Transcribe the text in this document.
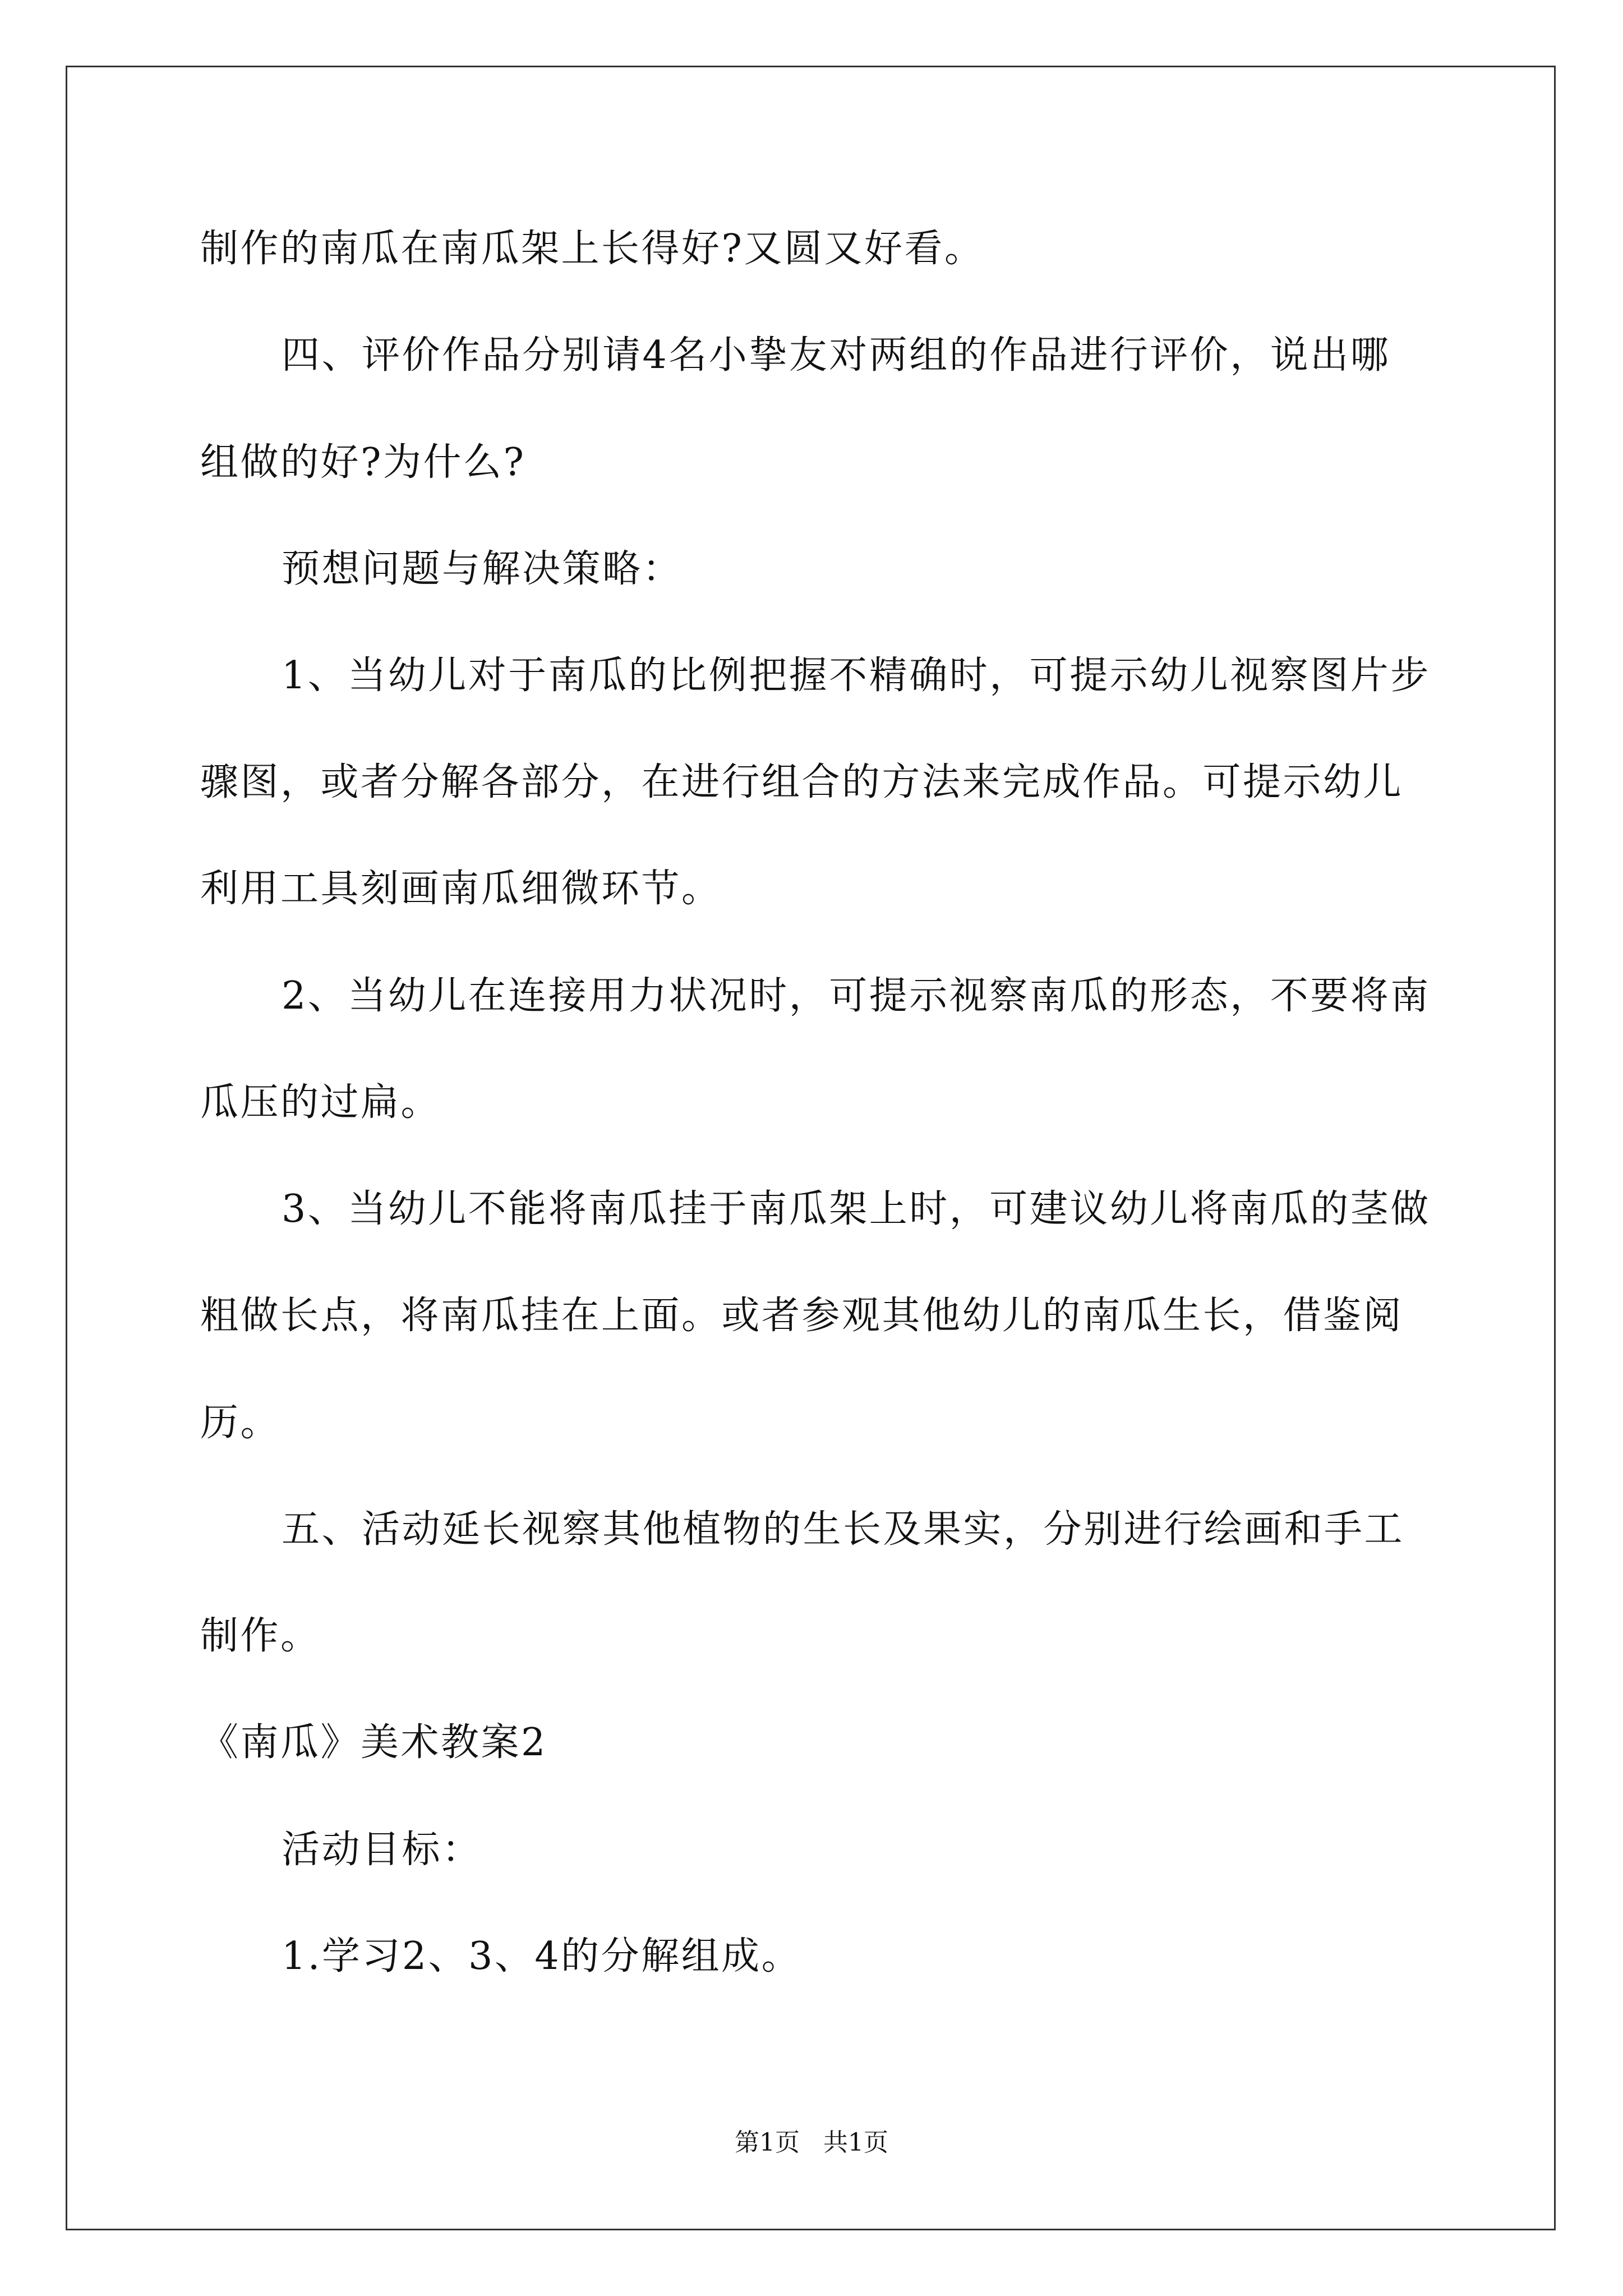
制作的南瓜在南瓜架上长得好?又圆又好看。
四、评价作品分别请4名小挚友对两组的作品进行评价，说出哪
组做的好?为什么?
预想问题与解决策略：
1、当幼儿对于南瓜的比例把握不精确时，可提示幼儿视察图片步
骤图，或者分解各部分，在进行组合的方法来完成作品。可提示幼儿
利用工具刻画南瓜细微环节。
2、当幼儿在连接用力状况时，可提示视察南瓜的形态，不要将南
瓜压的过扁。
3、当幼儿不能将南瓜挂于南瓜架上时，可建议幼儿将南瓜的茎做
粗做长点，将南瓜挂在上面。或者参观其他幼儿的南瓜生长，借鉴阅
历。
五、活动延长视察其他植物的生长及果实，分别进行绘画和手工
制作。
《南瓜》美术教案2
活动目标：
1.学习2、3、4的分解组成。
第1页   共1页
